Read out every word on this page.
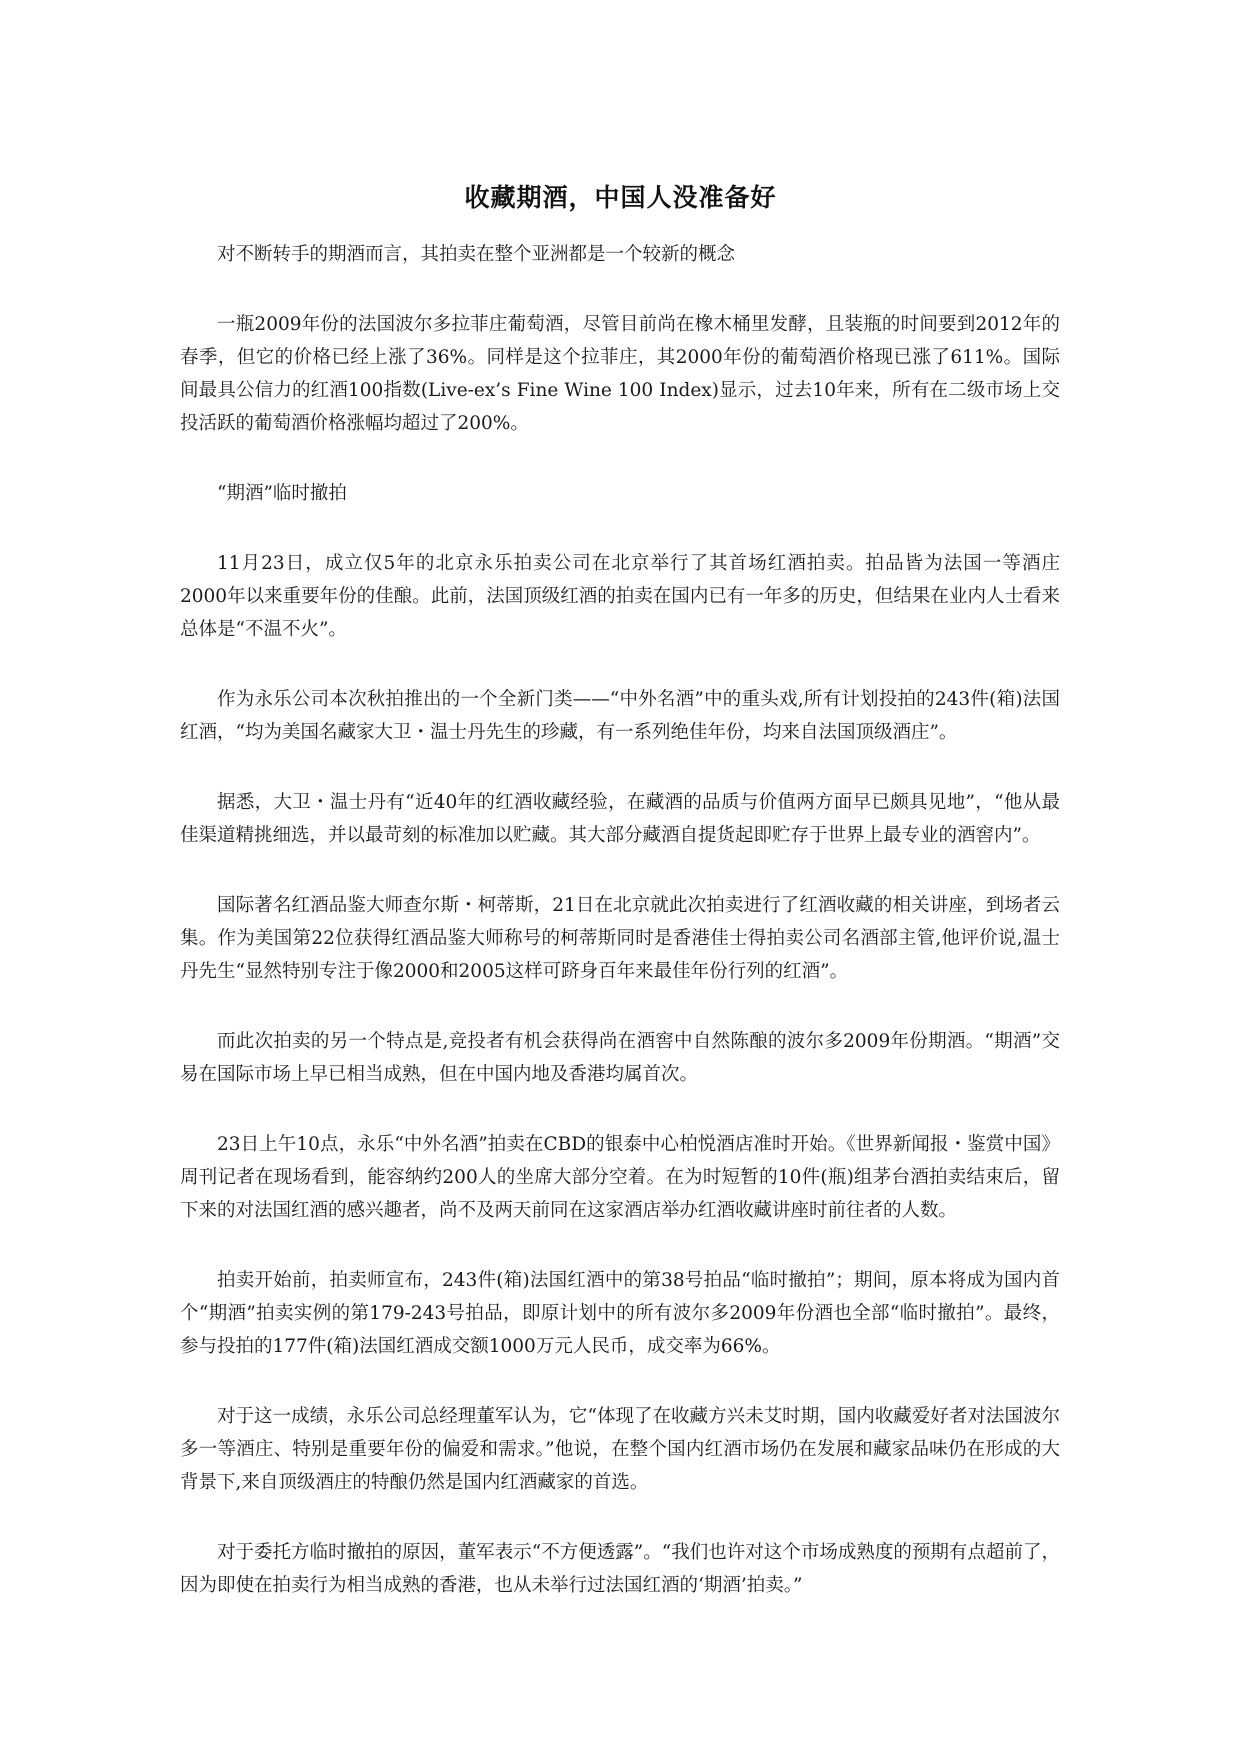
收藏期酒，中国人没准备好

对不断转手的期酒而言，其拍卖在整个亚洲都是一个较新的概念

一瓶2009年份的法国波尔多拉菲庄葡萄酒，尽管目前尚在橡木桶里发酵，且装瓶的时间要到2012年的春季，但它的价格已经上涨了36%。同样是这个拉菲庄，其2000年份的葡萄酒价格现已涨了611%。国际间最具公信力的红酒100指数(Live-ex’s Fine Wine 100 Index)显示，过去10年来，所有在二级市场上交投活跃的葡萄酒价格涨幅均超过了200%。

“期酒”临时撤拍

11月23日，成立仅5年的北京永乐拍卖公司在北京举行了其首场红酒拍卖。拍品皆为法国一等酒庄2000年以来重要年份的佳酿。此前，法国顶级红酒的拍卖在国内已有一年多的历史，但结果在业内人士看来总体是“不温不火”。

作为永乐公司本次秋拍推出的一个全新门类——“中外名酒”中的重头戏,所有计划投拍的243件(箱)法国红酒，“均为美国名藏家大卫・温士丹先生的珍藏，有一系列绝佳年份，均来自法国顶级酒庄”。

据悉，大卫・温士丹有“近40年的红酒收藏经验，在藏酒的品质与价值两方面早已颇具见地”，“他从最佳渠道精挑细选，并以最苛刻的标准加以贮藏。其大部分藏酒自提货起即贮存于世界上最专业的酒窖内”。

国际著名红酒品鉴大师查尔斯・柯蒂斯，21日在北京就此次拍卖进行了红酒收藏的相关讲座，到场者云集。作为美国第22位获得红酒品鉴大师称号的柯蒂斯同时是香港佳士得拍卖公司名酒部主管,他评价说,温士丹先生“显然特别专注于像2000和2005这样可跻身百年来最佳年份行列的红酒”。

而此次拍卖的另一个特点是,竞投者有机会获得尚在酒窖中自然陈酿的波尔多2009年份期酒。“期酒”交易在国际市场上早已相当成熟，但在中国内地及香港均属首次。

23日上午10点，永乐“中外名酒”拍卖在CBD的银泰中心柏悦酒店准时开始。《世界新闻报・鉴赏中国》周刊记者在现场看到，能容纳约200人的坐席大部分空着。在为时短暂的10件(瓶)组茅台酒拍卖结束后，留下来的对法国红酒的感兴趣者，尚不及两天前同在这家酒店举办红酒收藏讲座时前往者的人数。

拍卖开始前，拍卖师宣布，243件(箱)法国红酒中的第38号拍品“临时撤拍”；期间，原本将成为国内首个“期酒”拍卖实例的第179-243号拍品，即原计划中的所有波尔多2009年份酒也全部“临时撤拍”。最终，参与投拍的177件(箱)法国红酒成交额1000万元人民币，成交率为66%。

对于这一成绩，永乐公司总经理董军认为，它“体现了在收藏方兴未艾时期，国内收藏爱好者对法国波尔多一等酒庄、特别是重要年份的偏爱和需求。”他说，在整个国内红酒市场仍在发展和藏家品味仍在形成的大背景下,来自顶级酒庄的特酿仍然是国内红酒藏家的首选。

对于委托方临时撤拍的原因，董军表示“不方便透露”。“我们也许对这个市场成熟度的预期有点超前了，因为即使在拍卖行为相当成熟的香港，也从未举行过法国红酒的‘期酒’拍卖。”
